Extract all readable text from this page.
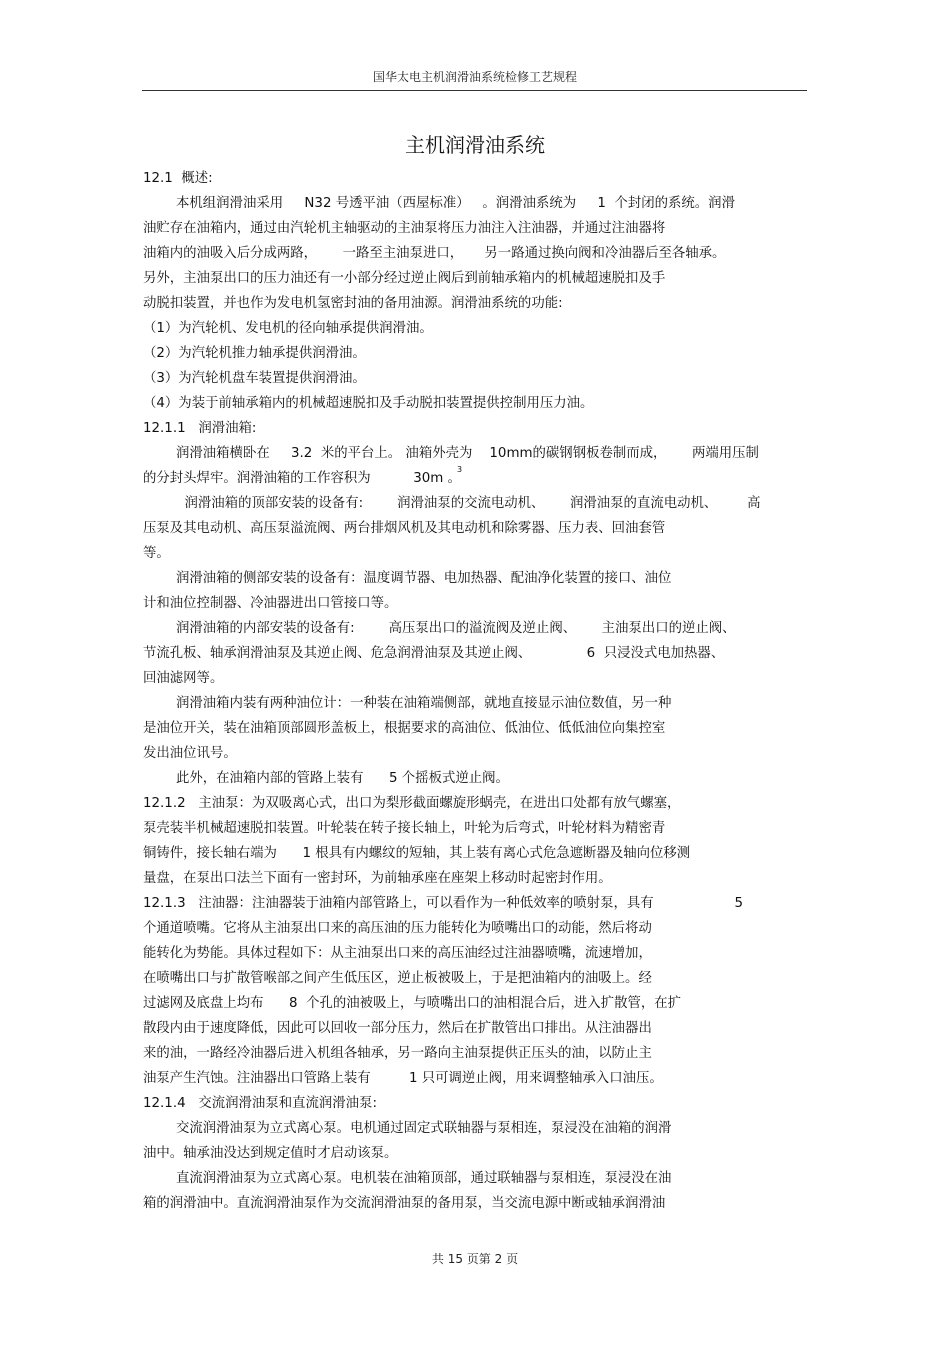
国华太电主机润滑油系统检修工艺规程
主机润滑油系统
12.1  概述:
本机组润滑油采用     N32 号透平油（西屋标准）   。润滑油系统为     1  个封闭的系统。润滑
油贮存在油箱内，通过由汽轮机主轴驱动的主油泵将压力油注入注油器，并通过注油器将
油箱内的油吸入后分成两路，      一路至主油泵进口，     另一路通过换向阀和冷油器后至各轴承。
另外，主油泵出口的压力油还有一小部分经过逆止阀后到前轴承箱内的机械超速脱扣及手
动脱扣装置，并也作为发电机氢密封油的备用油源。润滑油系统的功能:
（1）为汽轮机、发电机的径向轴承提供润滑油。
（2）为汽轮机推力轴承提供润滑油。
（3）为汽轮机盘车装置提供润滑油。
（4）为装于前轴承箱内的机械超速脱扣及手动脱扣装置提供控制用压力油。
12.1.1   润滑油箱:
润滑油箱横卧在     3.2  米的平台上。 油箱外壳为    10mm的碳钢钢板卷制而成，      两端用压制
的分封头焊牢。润滑油箱的工作容积为          30m 。
3
润滑油箱的顶部安装的设备有:        润滑油泵的交流电动机、      润滑油泵的直流电动机、       高
压泵及其电动机、高压泵溢流阀、两台排烟风机及其电动机和除雾器、压力表、回油套管
等。
润滑油箱的侧部安装的设备有：温度调节器、电加热器、配油净化装置的接口、油位
计和油位控制器、冷油器进出口管接口等。
润滑油箱的内部安装的设备有:        高压泵出口的溢流阀及逆止阀、      主油泵出口的逆止阀、
节流孔板、轴承润滑油泵及其逆止阀、危急润滑油泵及其逆止阀、             6  只浸没式电加热器、
回油滤网等。
润滑油箱内装有两种油位计：一种装在油箱端侧部，就地直接显示油位数值，另一种
是油位开关，装在油箱顶部圆形盖板上，根据要求的高油位、低油位、低低油位向集控室
发出油位讯号。
此外，在油箱内部的管路上装有      5 个摇板式逆止阀。
12.1.2   主油泵：为双吸离心式，出口为梨形截面螺旋形蜗壳，在进出口处都有放气螺塞，
泵壳装半机械超速脱扣装置。叶轮装在转子接长轴上，叶轮为后弯式，叶轮材料为精密青
铜铸件，接长轴右端为      1 根具有内螺纹的短轴，其上装有离心式危急遮断器及轴向位移测
量盘，在泵出口法兰下面有一密封环，为前轴承座在座架上移动时起密封作用。
12.1.3   注油器：注油器装于油箱内部管路上，可以看作为一种低效率的喷射泵，具有                   5
个通道喷嘴。它将从主油泵出口来的高压油的压力能转化为喷嘴出口的动能，然后将动
能转化为势能。具体过程如下：从主油泵出口来的高压油经过注油器喷嘴，流速增加，
在喷嘴出口与扩散管喉部之间产生低压区，逆止板被吸上，于是把油箱内的油吸上。经
过滤网及底盘上均布      8  个孔的油被吸上，与喷嘴出口的油相混合后，进入扩散管，在扩
散段内由于速度降低，因此可以回收一部分压力，然后在扩散管出口排出。从注油器出
来的油，一路经冷油器后进入机组各轴承，另一路向主油泵提供正压头的油，以防止主
油泵产生汽蚀。注油器出口管路上装有         1 只可调逆止阀，用来调整轴承入口油压。
12.1.4   交流润滑油泵和直流润滑油泵:
交流润滑油泵为立式离心泵。电机通过固定式联轴器与泵相连，泵浸没在油箱的润滑
油中。轴承油没达到规定值时才启动该泵。
直流润滑油泵为立式离心泵。电机装在油箱顶部，通过联轴器与泵相连，泵浸没在油
箱的润滑油中。直流润滑油泵作为交流润滑油泵的备用泵，当交流电源中断或轴承润滑油
共 15 页第 2 页
